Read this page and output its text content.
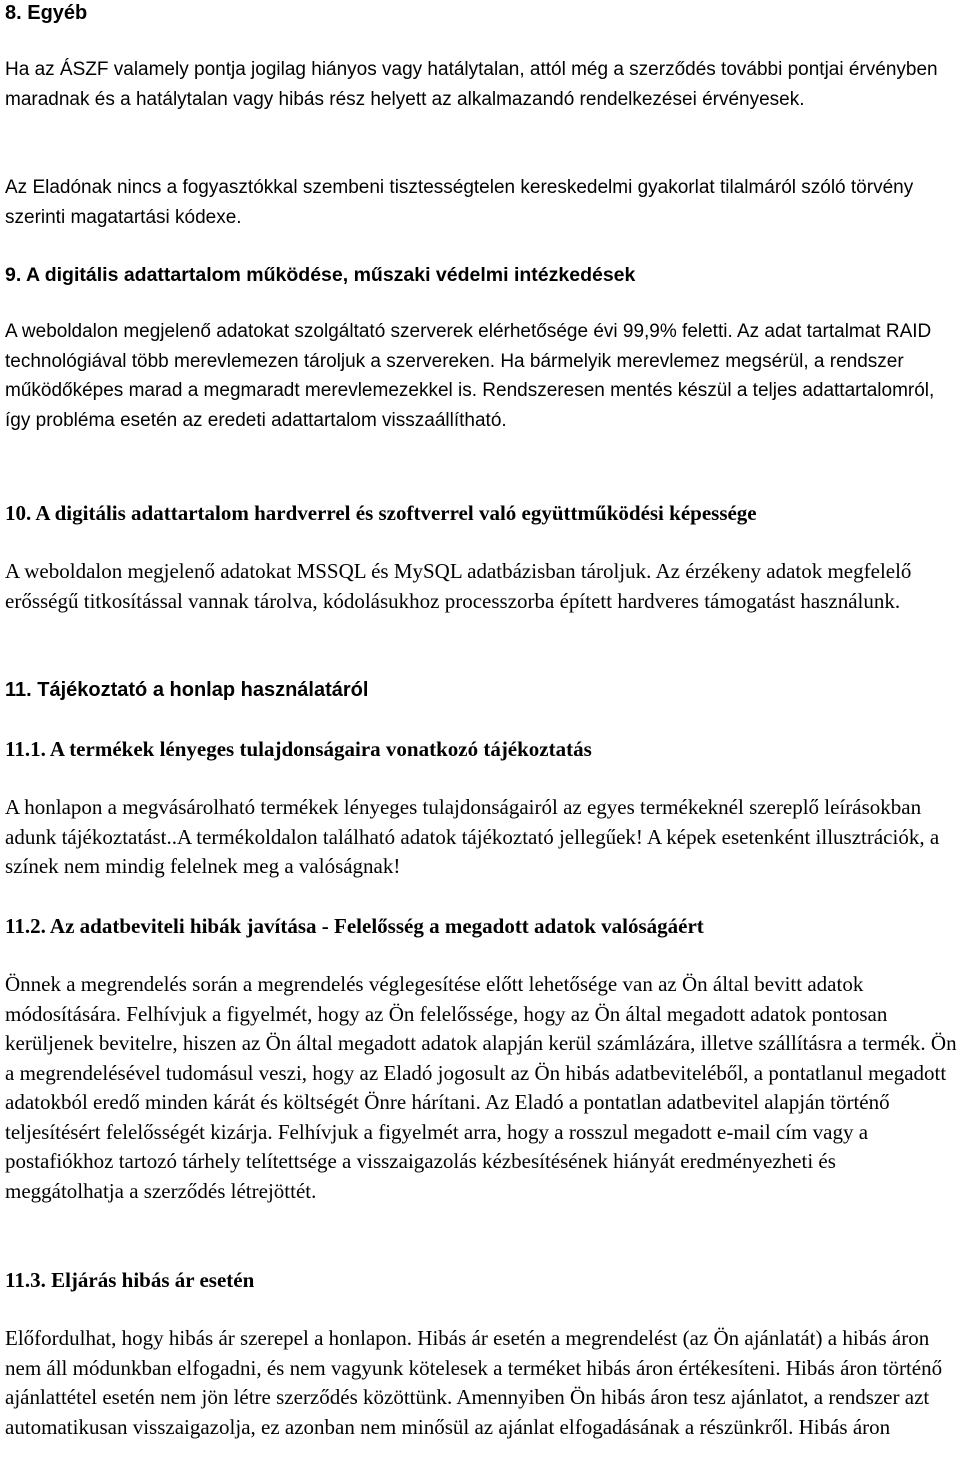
8. Egyéb

Ha az ÁSZF valamely pontja jogilag hiányos vagy hatálytalan, attól még a szerződés további pontjai érvényben maradnak és a hatálytalan vagy hibás rész helyett az alkalmazandó rendelkezései érvényesek.

Az Eladónak nincs a fogyasztókkal szembeni tisztességtelen kereskedelmi gyakorlat tilalmáról szóló törvény szerinti magatartási kódexe.

9. A digitális adattartalom működése, műszaki védelmi intézkedések

A weboldalon megjelenő adatokat szolgáltató szerverek elérhetősége évi 99,9% feletti. Az adat tartalmat RAID technológiával több merevlemezen tároljuk a szervereken. Ha bármelyik merevlemez megsérül, a rendszer működőképes marad a megmaradt merevlemezekkel is. Rendszeresen mentés készül a teljes adattartalomról, így probléma esetén az eredeti adattartalom visszaállítható.

10. A digitális adattartalom hardverrel és szoftverrel való együttműködési képessége

A weboldalon megjelenő adatokat MSSQL és MySQL adatbázisban tároljuk. Az érzékeny adatok megfelelő erősségű titkosítással vannak tárolva, kódolásukhoz processzorba épített hardveres támogatást használunk.

11. Tájékoztató a honlap használatáról
11.1. A termékek lényeges tulajdonságaira vonatkozó tájékoztatás

A honlapon a megvásárolható termékek lényeges tulajdonságairól az egyes termékeknél szereplő leírásokban adunk tájékoztatást..A termékoldalon található adatok tájékoztató jellegűek! A képek esetenként illusztrációk, a színek nem mindig felelnek meg a valóságnak!

11.2. Az adatbeviteli hibák javítása - Felelősség a megadott adatok valóságáért

Önnek a megrendelés során a megrendelés véglegesítése előtt lehetősége van az Ön által bevitt adatok módosítására. Felhívjuk a figyelmét, hogy az Ön felelőssége, hogy az Ön által megadott adatok pontosan kerüljenek bevitelre, hiszen az Ön által megadott adatok alapján kerül számlázára, illetve szállításra a termék. Ön a megrendelésével tudomásul veszi, hogy az Eladó jogosult az Ön hibás adatbeviteléből, a pontatlanul megadott adatokból eredő minden kárát és költségét Önre hárítani. Az Eladó a pontatlan adatbevitel alapján történő teljesítésért felelősségét kizárja. Felhívjuk a figyelmét arra, hogy a rosszul megadott e-mail cím vagy a postafiókhoz tartozó tárhely telítettsége a visszaigazolás kézbesítésének hiányát eredményezheti és meggátolhatja a szerződés létrejöttét.

11.3. Eljárás hibás ár esetén

Előfordulhat, hogy hibás ár szerepel a honlapon. Hibás ár esetén a megrendelést (az Ön ajánlatát) a hibás áron nem áll módunkban elfogadni, és nem vagyunk kötelesek a terméket hibás áron értékesíteni. Hibás áron történő ajánlattétel esetén nem jön létre szerződés közöttünk. Amennyiben Ön hibás áron tesz ajánlatot, a rendszer azt automatikusan visszaigazolja, ez azonban nem minősül az ajánlat elfogadásának a részünkről. Hibás áron
